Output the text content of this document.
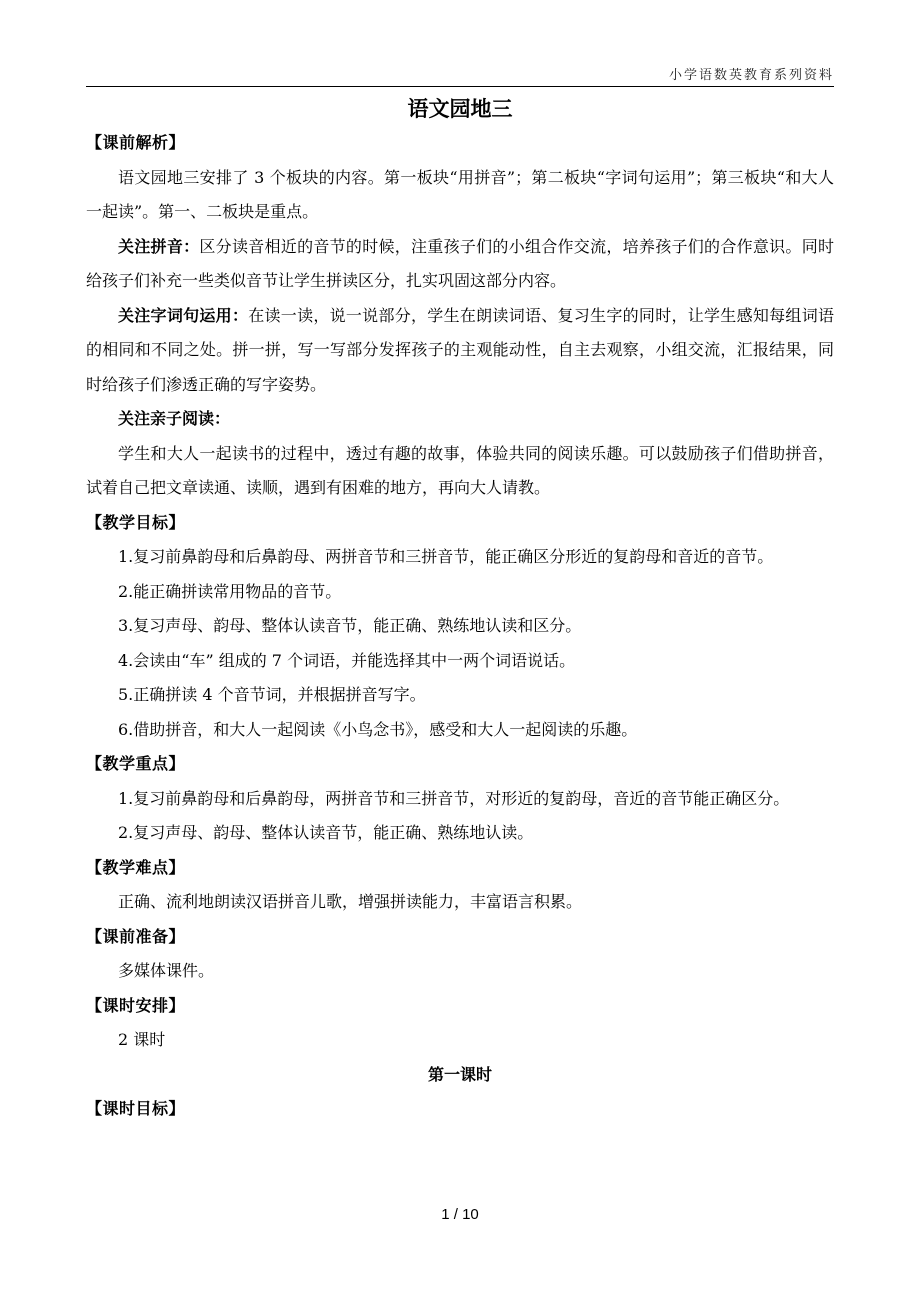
小学语数英教育系列资料
语文园地三

【课前解析】

语文园地三安排了 3 个板块的内容。第一板块“用拼音”；第二板块“字词句运用”；第三板块“和大人一起读”。第一、二板块是重点。

关注拼音：区分读音相近的音节的时候，注重孩子们的小组合作交流，培养孩子们的合作意识。同时给孩子们补充一些类似音节让学生拼读区分，扎实巩固这部分内容。

关注字词句运用：在读一读，说一说部分，学生在朗读词语、复习生字的同时，让学生感知每组词语的相同和不同之处。拼一拼，写一写部分发挥孩子的主观能动性，自主去观察，小组交流，汇报结果，同时给孩子们渗透正确的写字姿势。

关注亲子阅读：

学生和大人一起读书的过程中，透过有趣的故事，体验共同的阅读乐趣。可以鼓励孩子们借助拼音，试着自己把文章读通、读顺，遇到有困难的地方，再向大人请教。

【教学目标】

1.复习前鼻韵母和后鼻韵母、两拼音节和三拼音节，能正确区分形近的复韵母和音近的音节。

2.能正确拼读常用物品的音节。

3.复习声母、韵母、整体认读音节，能正确、熟练地认读和区分。

4.会读由“车” 组成的 7 个词语，并能选择其中一两个词语说话。

5.正确拼读 4 个音节词，并根据拼音写字。

6.借助拼音，和大人一起阅读《小鸟念书》，感受和大人一起阅读的乐趣。

【教学重点】

1.复习前鼻韵母和后鼻韵母，两拼音节和三拼音节，对形近的复韵母，音近的音节能正确区分。

2.复习声母、韵母、整体认读音节，能正确、熟练地认读。

【教学难点】

正确、流利地朗读汉语拼音儿歌，增强拼读能力，丰富语言积累。

【课前准备】

多媒体课件。

【课时安排】

2 课时

第一课时

【课时目标】

1 / 10
